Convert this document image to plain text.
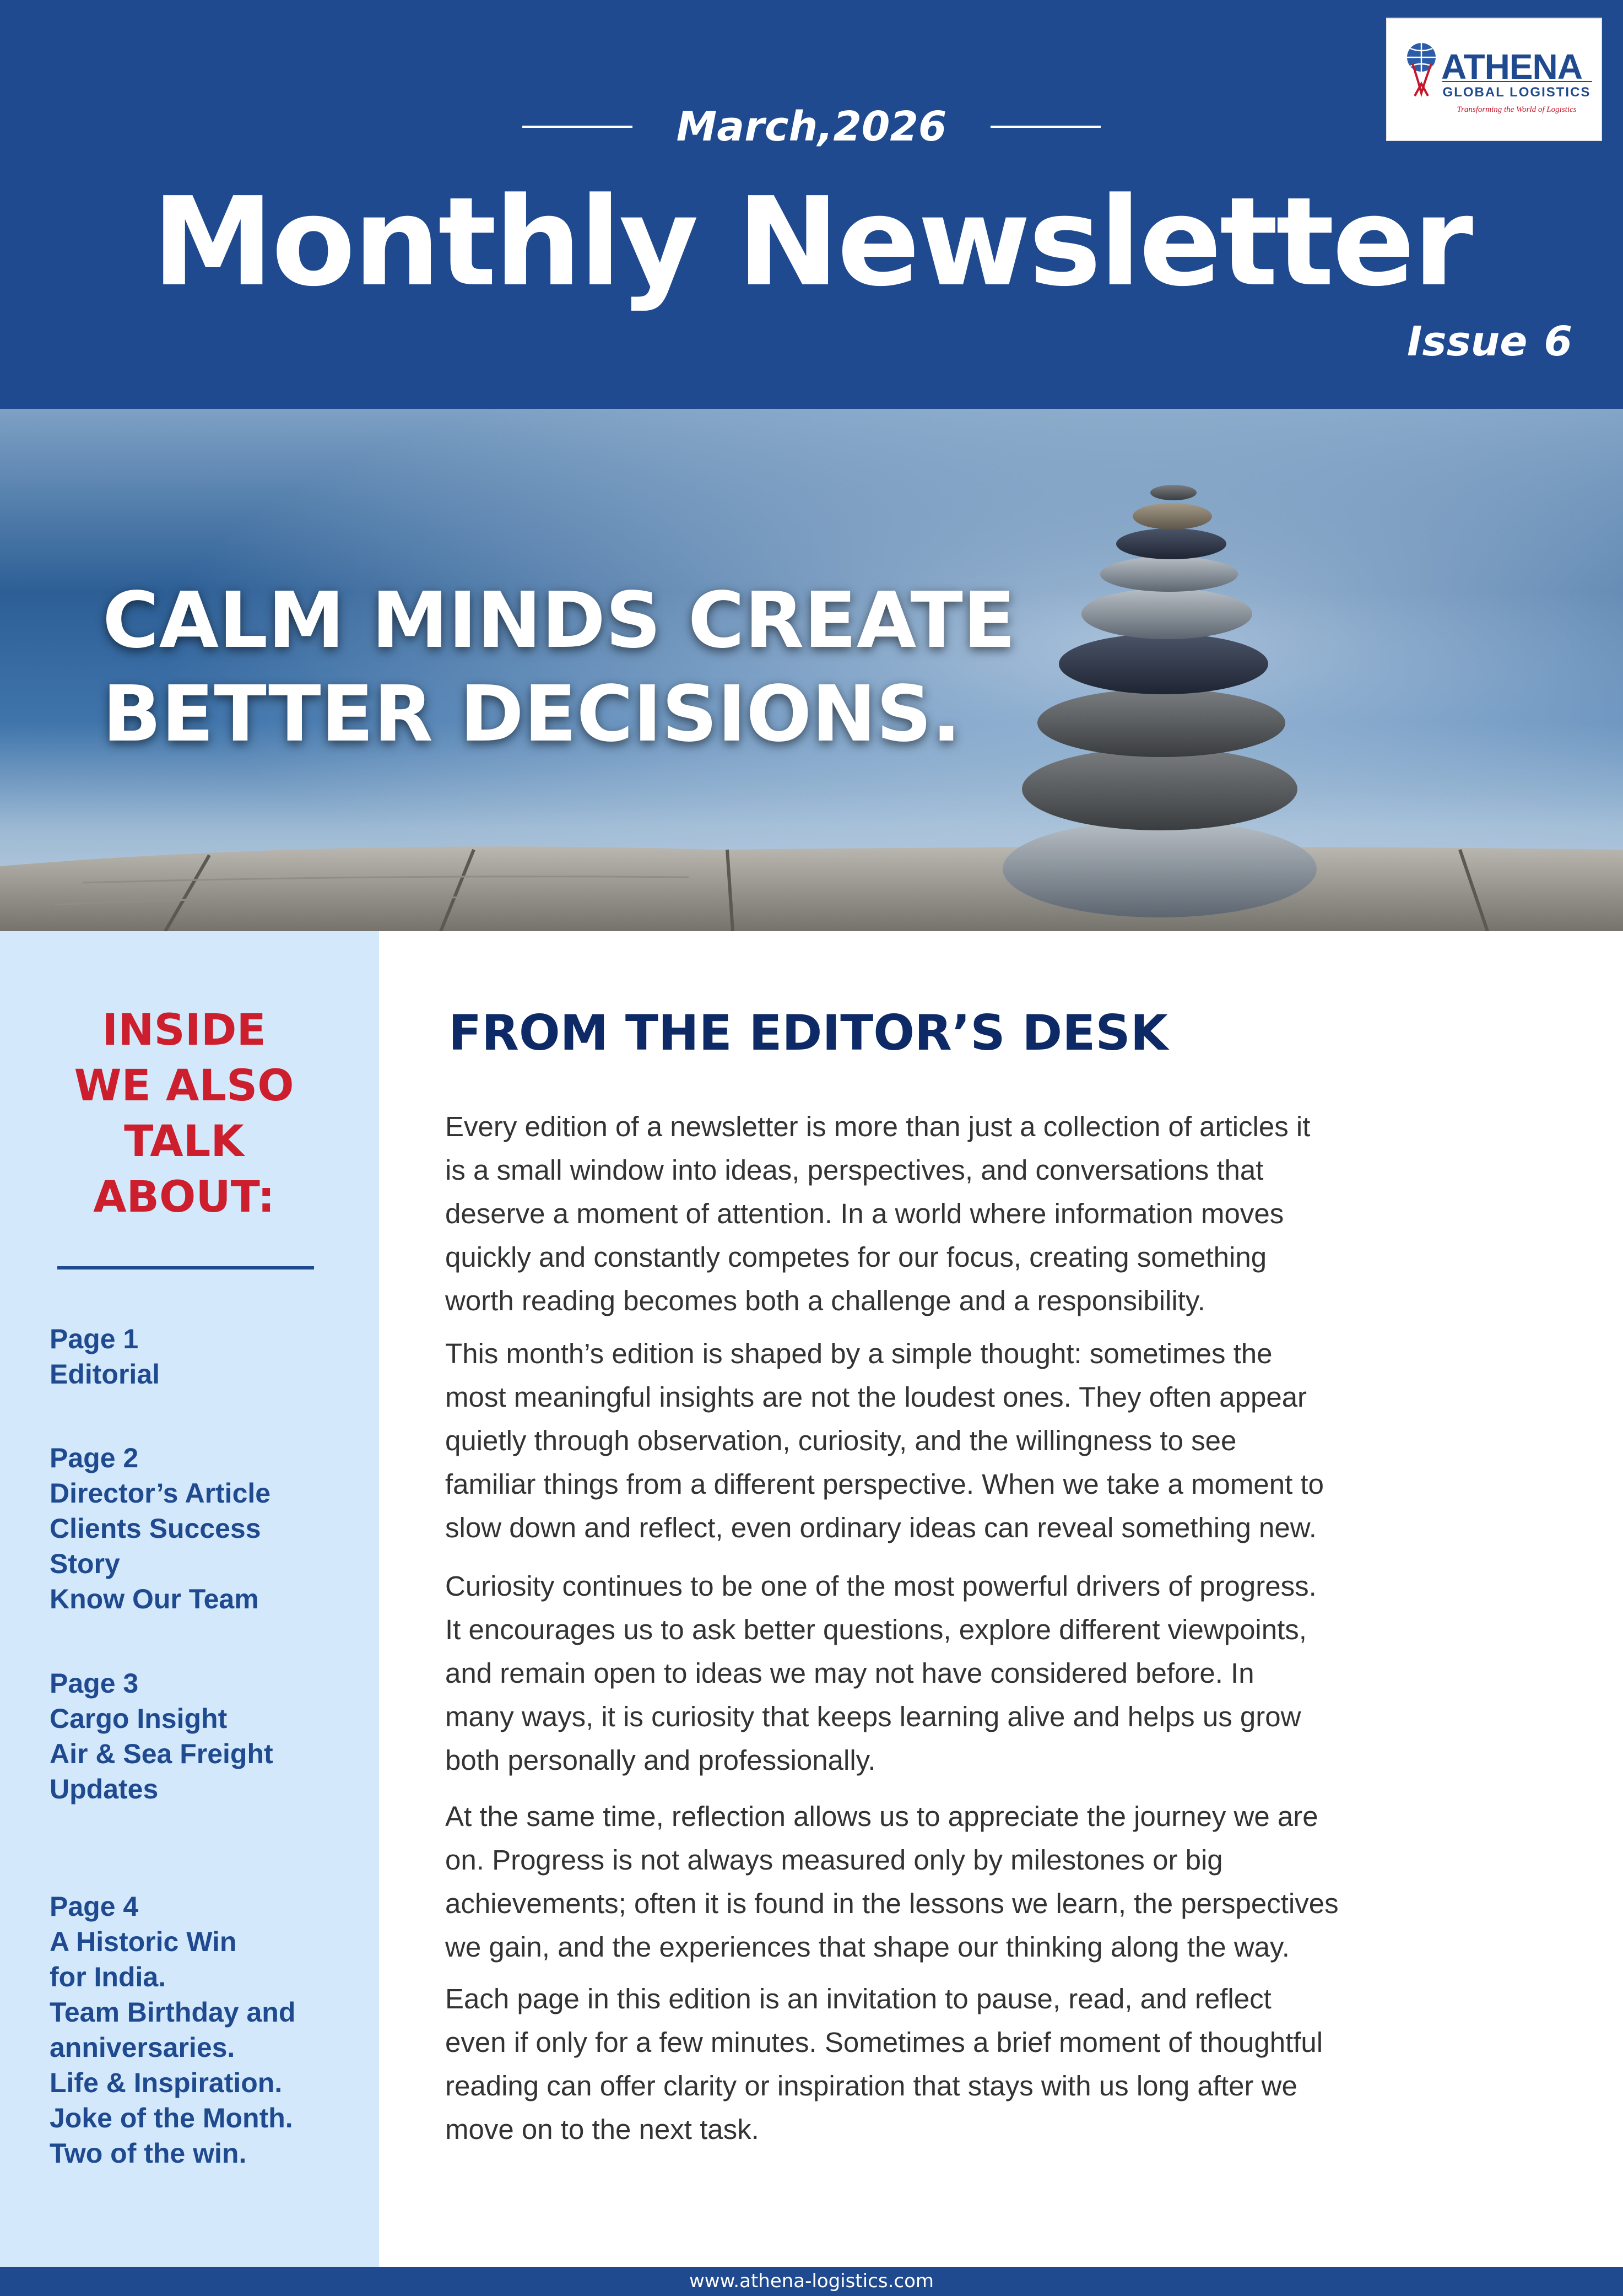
March,2026
Monthly Newsletter
Issue 6
ATHENA
GLOBAL LOGISTICS
Transforming the World of Logistics
CALM MINDS CREATE
BETTER DECISIONS.
INSIDE
WE ALSO
TALK
ABOUT:
Page 1
Editorial
Page 2
Director’s Article
Clients Success
Story
Know Our Team
Page 3
Cargo Insight
Air & Sea Freight
Updates
Page 4
A Historic Win
for India.
Team Birthday and
anniversaries.
Life & Inspiration.
Joke of the Month.
Two of the win.
FROM THE EDITOR’S DESK
Every edition of a newsletter is more than just a collection of articles it
is a small window into ideas, perspectives, and conversations that
deserve a moment of attention. In a world where information moves
quickly and constantly competes for our focus, creating something
worth reading becomes both a challenge and a responsibility.
This month’s edition is shaped by a simple thought: sometimes the
most meaningful insights are not the loudest ones. They often appear
quietly through observation, curiosity, and the willingness to see
familiar things from a different perspective. When we take a moment to
slow down and reflect, even ordinary ideas can reveal something new.
Curiosity continues to be one of the most powerful drivers of progress.
It encourages us to ask better questions, explore different viewpoints,
and remain open to ideas we may not have considered before. In
many ways, it is curiosity that keeps learning alive and helps us grow
both personally and professionally.
At the same time, reflection allows us to appreciate the journey we are
on. Progress is not always measured only by milestones or big
achievements; often it is found in the lessons we learn, the perspectives
we gain, and the experiences that shape our thinking along the way.
Each page in this edition is an invitation to pause, read, and reflect
even if only for a few minutes. Sometimes a brief moment of thoughtful
reading can offer clarity or inspiration that stays with us long after we
move on to the next task.
www.athena-logistics.com
